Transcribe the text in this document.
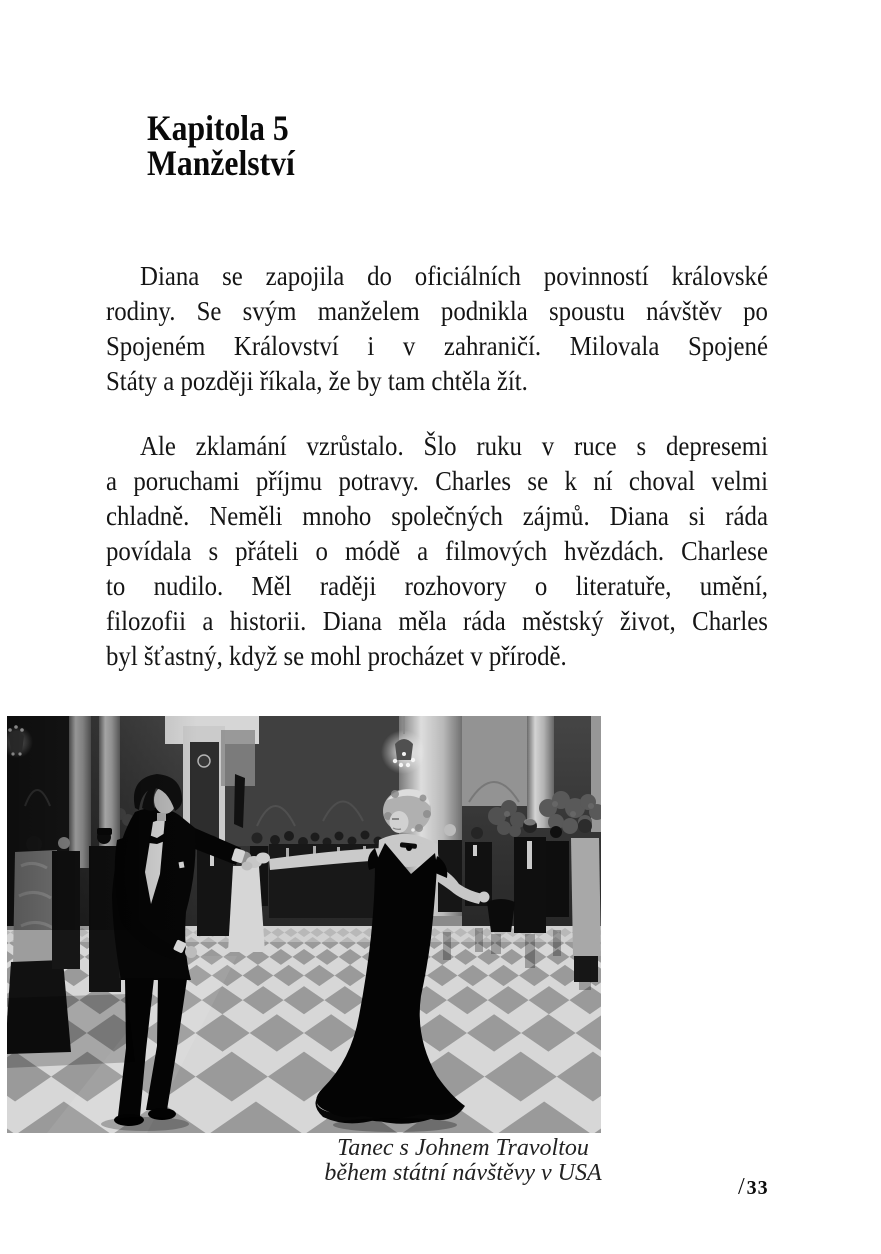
Kapitola 5
Manželství
Diana se zapojila do oficiálních povinností královské
rodiny. Se svým manželem podnikla spoustu návštěv po
Spojeném Království i v zahraničí. Milovala Spojené
Státy a později říkala, že by tam chtěla žít.
Ale zklamání vzrůstalo. Šlo ruku v ruce s depresemi
a poruchami příjmu potravy. Charles se k ní choval velmi
chladně. Neměli mnoho společných zájmů. Diana si ráda
povídala s přáteli o módě a filmových hvězdách. Charlese
to nudilo. Měl raději rozhovory o literatuře, umění,
filozofii a historii. Diana měla ráda městský život, Charles
byl šťastný, když se mohl procházet v přírodě.
Tanec s Johnem Travoltou
během státní návštěvy v USA
/ 33
